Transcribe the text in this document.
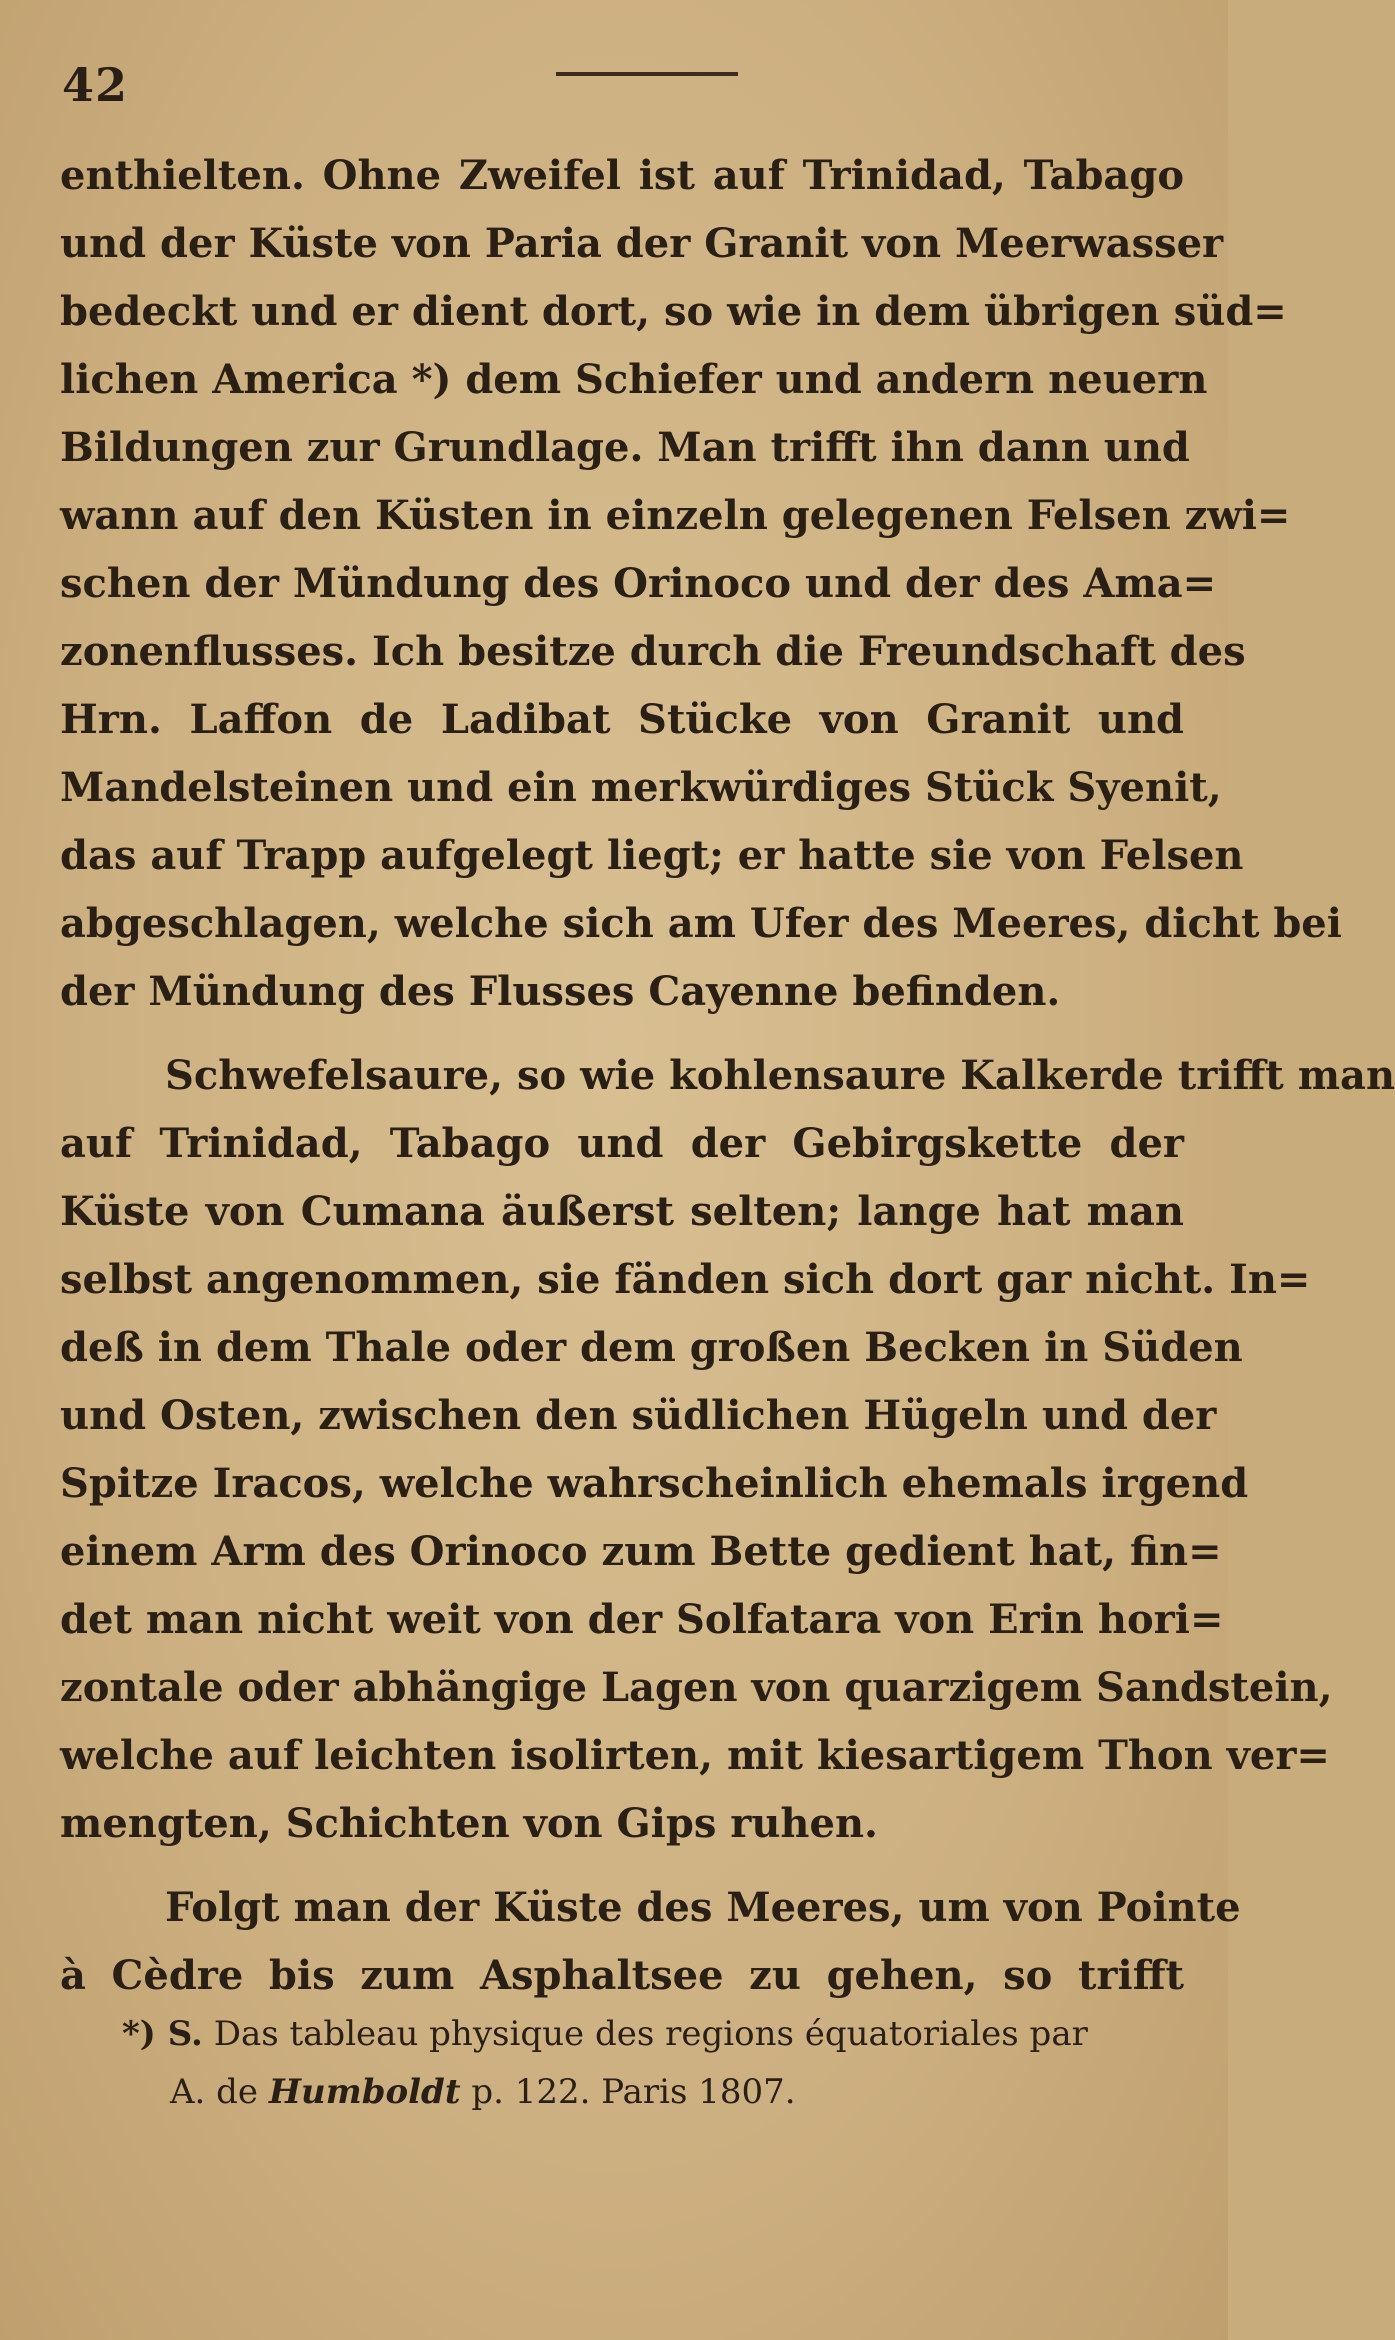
42
enthielten. Ohne Zweifel ist auf Trinidad, Tabago
und der Küste von Paria der Granit von Meerwasser
bedeckt und er dient dort, so wie in dem übrigen süd=
lichen America *) dem Schiefer und andern neuern
Bildungen zur Grundlage. Man trifft ihn dann und
wann auf den Küsten in einzeln gelegenen Felsen zwi=
schen der Mündung des Orinoco und der des Ama=
zonenflusses. Ich besitze durch die Freundschaft des
Hrn. Laffon de Ladibat Stücke von Granit und
Mandelsteinen und ein merkwürdiges Stück Syenit,
das auf Trapp aufgelegt liegt; er hatte sie von Felsen
abgeschlagen, welche sich am Ufer des Meeres, dicht bei
der Mündung des Flusses Cayenne befinden.
Schwefelsaure, so wie kohlensaure Kalkerde trifft man
auf Trinidad, Tabago und der Gebirgskette der
Küste von Cumana äußerst selten; lange hat man
selbst angenommen, sie fänden sich dort gar nicht. In=
deß in dem Thale oder dem großen Becken in Süden
und Osten, zwischen den südlichen Hügeln und der
Spitze Iracos, welche wahrscheinlich ehemals irgend
einem Arm des Orinoco zum Bette gedient hat, fin=
det man nicht weit von der Solfatara von Erin hori=
zontale oder abhängige Lagen von quarzigem Sandstein,
welche auf leichten isolirten, mit kiesartigem Thon ver=
mengten, Schichten von Gips ruhen.
Folgt man der Küste des Meeres, um von Pointe
à Cèdre bis zum Asphaltsee zu gehen, so trifft
*) S. Das tableau physique des regions équatoriales par
A. de Humboldt p. 122. Paris 1807.
